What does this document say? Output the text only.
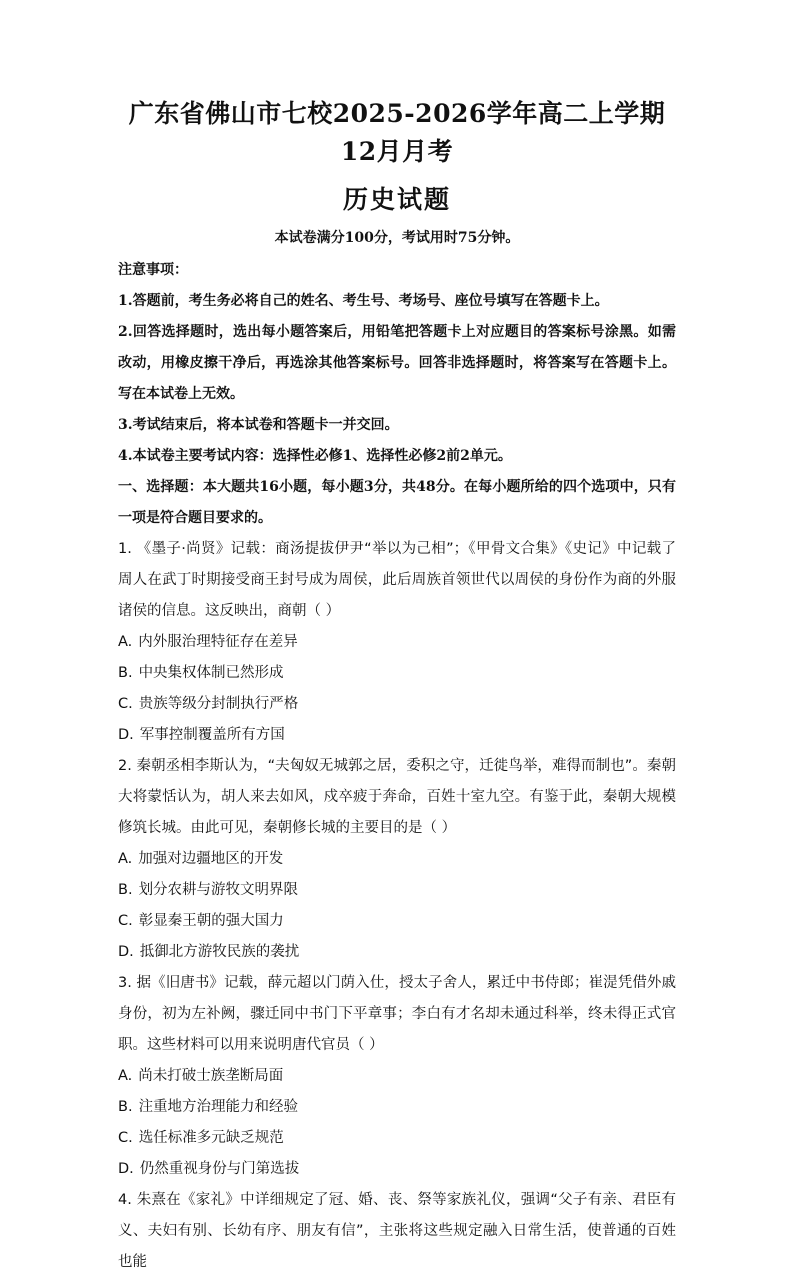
广东省佛山市七校2025-2026学年高二上学期12月月考
历史试题

本试卷满分100分，考试用时75分钟。

注意事项：

1.答题前，考生务必将自己的姓名、考生号、考场号、座位号填写在答题卡上。

2.回答选择题时，选出每小题答案后，用铅笔把答题卡上对应题目的答案标号涂黑。如需改动，用橡皮擦干净后，再选涂其他答案标号。回答非选择题时，将答案写在答题卡上。写在本试卷上无效。

3.考试结束后，将本试卷和答题卡一并交回。

4.本试卷主要考试内容：选择性必修1、选择性必修2前2单元。

一、选择题：本大题共16小题，每小题3分，共48分。在每小题所给的四个选项中，只有一项是符合题目要求的。

1. 《墨子·尚贤》记载：商汤提拔伊尹“举以为己相”；《甲骨文合集》《史记》中记载了周人在武丁时期接受商王封号成为周侯，此后周族首领世代以周侯的身份作为商的外服诸侯的信息。这反映出，商朝（ ）

A. 内外服治理特征存在差异
B. 中央集权体制已然形成
C. 贵族等级分封制执行严格
D. 军事控制覆盖所有方国

2. 秦朝丞相李斯认为，“夫匈奴无城郭之居，委积之守，迁徙鸟举，难得而制也”。秦朝大将蒙恬认为，胡人来去如风，戍卒疲于奔命，百姓十室九空。有鉴于此，秦朝大规模修筑长城。由此可见，秦朝修长城的主要目的是（ ）

A. 加强对边疆地区的开发
B. 划分农耕与游牧文明界限
C. 彰显秦王朝的强大国力
D. 抵御北方游牧民族的袭扰

3. 据《旧唐书》记载，薛元超以门荫入仕，授太子舍人，累迁中书侍郎；崔湜凭借外戚身份，初为左补阙，骤迁同中书门下平章事；李白有才名却未通过科举，终未得正式官职。这些材料可以用来说明唐代官员（ ）

A. 尚未打破士族垄断局面
B. 注重地方治理能力和经验
C. 选任标准多元缺乏规范
D. 仍然重视身份与门第选拔

4. 朱熹在《家礼》中详细规定了冠、婚、丧、祭等家族礼仪，强调“父子有亲、君臣有义、夫妇有别、长幼有序、朋友有信”，主张将这些规定融入日常生活，使普通的百姓也能
